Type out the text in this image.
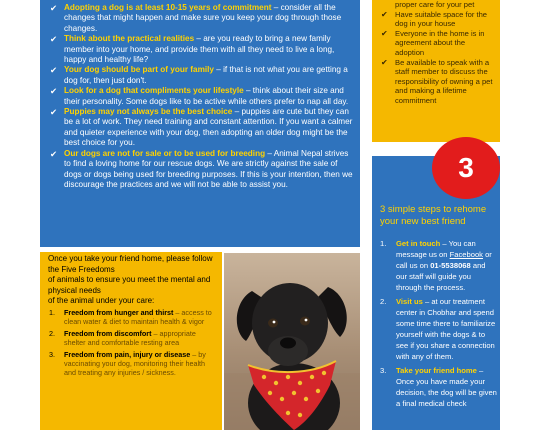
✔ Adopting a dog is at least 10-15 years of commitment – consider all the changes that might happen and make sure you keep your dog through those changes.
✔ Think about the practical realities – are you ready to bring a new family member into your home, and provide them with all they need to live a long, happy and healthy life?
✔ Your dog should be part of your family – if that is not what you are getting a dog for, then just don't.
✔ Look for a dog that compliments your lifestyle – think about their size and their personality. Some dogs like to be active while others prefer to nap all day.
✔ Puppies may not always be the best choice – puppies are cute but they can be a lot of work. They need training and constant attention. If you want a calmer and quieter experience with your dog, then adopting an older dog might be the best choice for you.
✔ Our dogs are not for sale or to be used for breeding – Animal Nepal strives to find a loving home for our rescue dogs. We are strictly against the sale of dogs or dogs being used for breeding purposes. If this is your intention, then we discourage the practices and we will not be able to assist you.
proper care for your pet
✔ Have suitable space for the dog in your house
✔ Everyone in the home is in agreement about the adoption
✔ Be available to speak with a staff member to discuss the responsibility of owning a pet and making a lifetime commitment
3
3 simple steps to rehome your new best friend
1. Get in touch – You can message us on Facebook or call us on 01-5538068 and our staff will guide you through the process.
2. Visit us – at our treatment center in Chobhar and spend some time there to familiarize yourself with the dogs & to see if you share a connection with any of them.
3. Take your friend home – Once you have made your decision, the dog will be given a final medical check
Once you take your friend home, please follow the Five Freedoms
of animals to ensure you meet the mental and physical needs
of the animal under your care:
1. Freedom from hunger and thirst – access to clean water & diet to maintain health & vigor
2. Freedom from discomfort – appropriate shelter and comfortable resting area
3. Freedom from pain, injury or disease – by vaccinating your dog, monitoring their health and treating any injuries / sickness.
